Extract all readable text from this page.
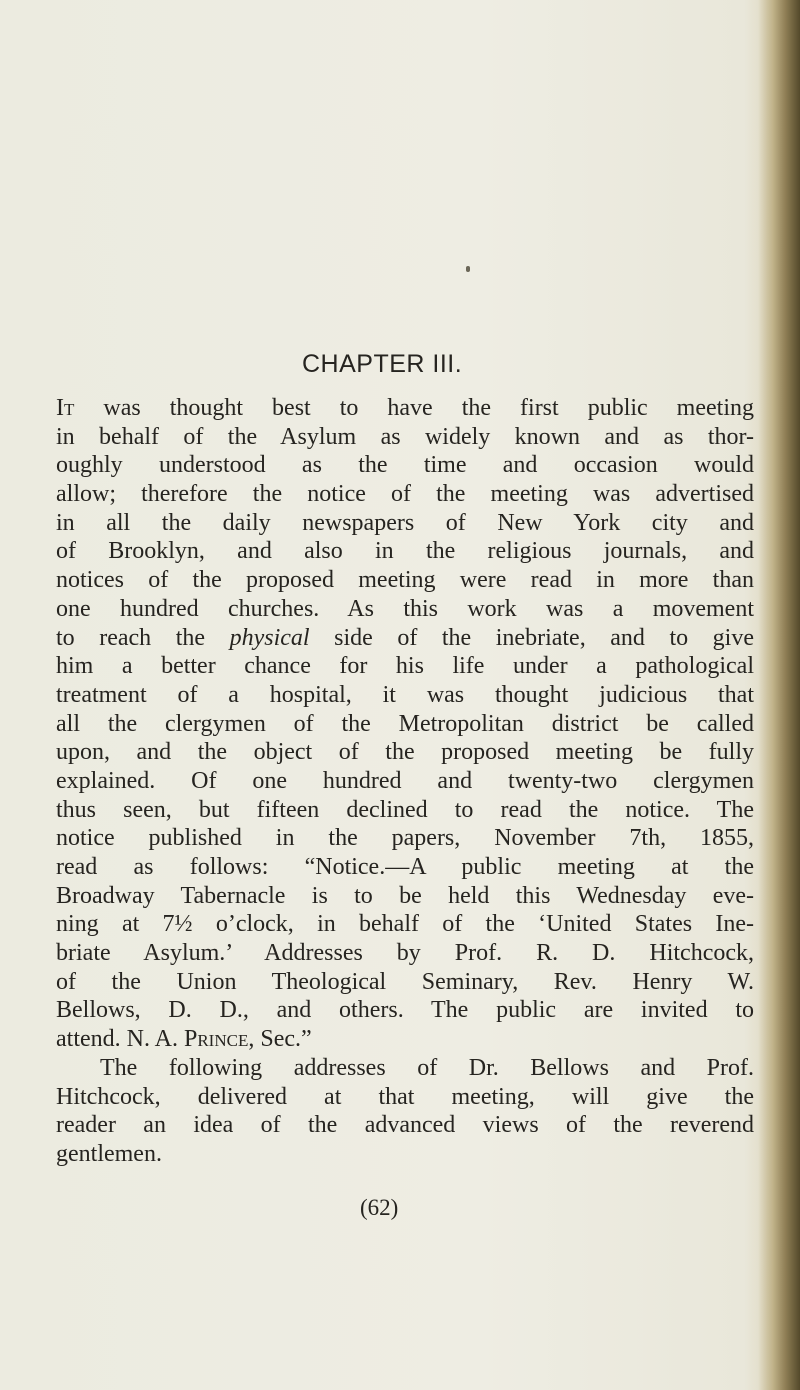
CHAPTER III.
It was thought best to have the first public meeting
in behalf of the Asylum as widely known and as thor-
oughly understood as the time and occasion would
allow; therefore the notice of the meeting was advertised
in all the daily newspapers of New York city and
of Brooklyn, and also in the religious journals, and
notices of the proposed meeting were read in more than
one hundred churches. As this work was a movement
to reach the physical side of the inebriate, and to give
him a better chance for his life under a pathological
treatment of a hospital, it was thought judicious that
all the clergymen of the Metropolitan district be called
upon, and the object of the proposed meeting be fully
explained. Of one hundred and twenty-two clergymen
thus seen, but fifteen declined to read the notice. The
notice published in the papers, November 7th, 1855,
read as follows: “Notice.—A public meeting at the
Broadway Tabernacle is to be held this Wednesday eve-
ning at 7½ o’clock, in behalf of the ‘United States Ine-
briate Asylum.’ Addresses by Prof. R. D. Hitchcock,
of the Union Theological Seminary, Rev. Henry W.
Bellows, D. D., and others. The public are invited to
attend. N. A. Prince, Sec.”
The following addresses of Dr. Bellows and Prof.
Hitchcock, delivered at that meeting, will give the
reader an idea of the advanced views of the reverend
gentlemen.
(62)
